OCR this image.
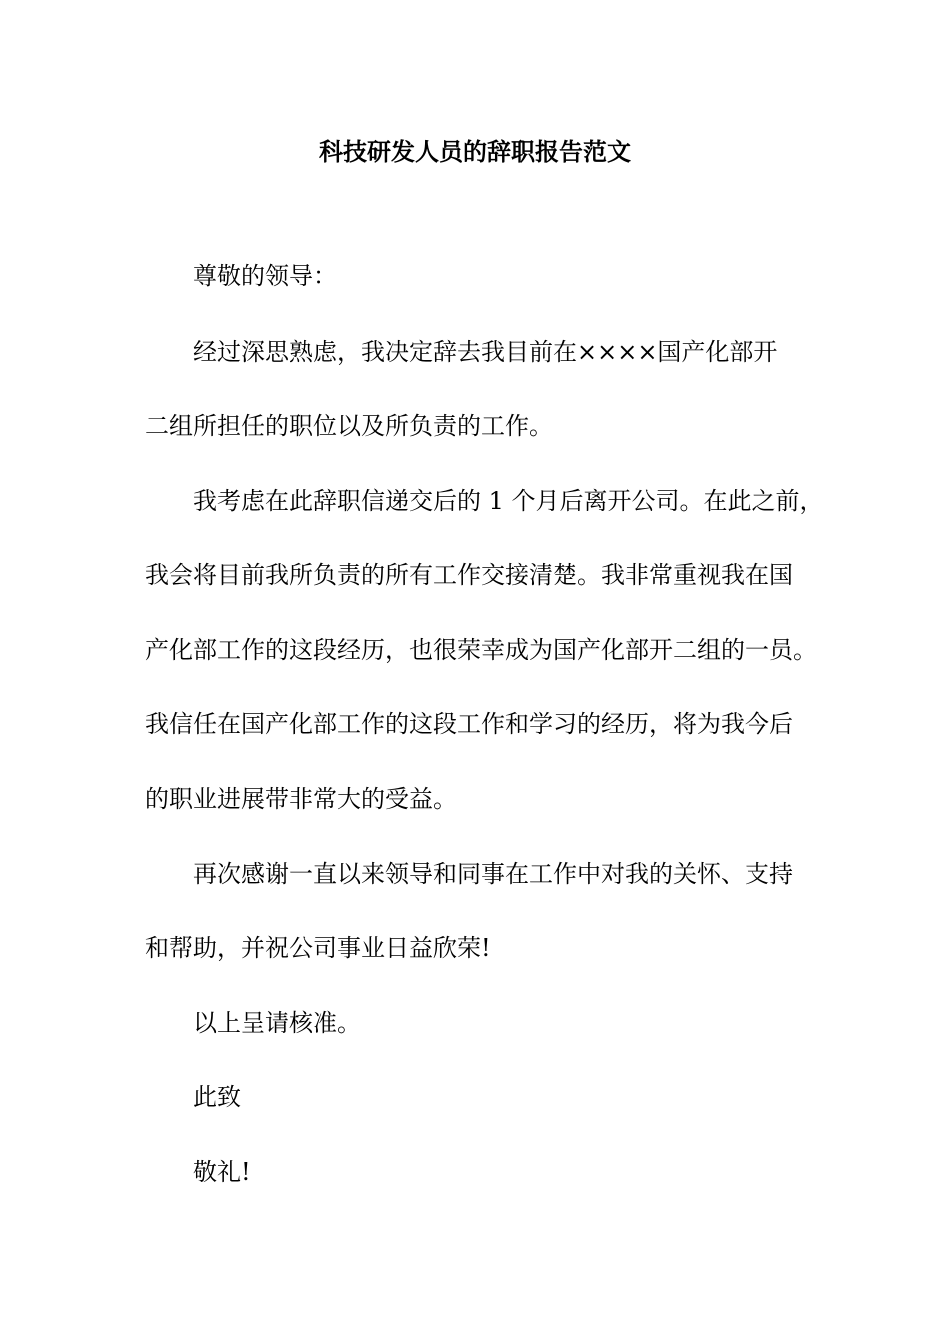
科技研发人员的辞职报告范文
尊敬的领导：
经过深思熟虑，我决定辞去我目前在××××国产化部开
二组所担任的职位以及所负责的工作。
我考虑在此辞职信递交后的 1 个月后离开公司。在此之前，
我会将目前我所负责的所有工作交接清楚。我非常重视我在国
产化部工作的这段经历，也很荣幸成为国产化部开二组的一员。
我信任在国产化部工作的这段工作和学习的经历，将为我今后
的职业进展带非常大的受益。
再次感谢一直以来领导和同事在工作中对我的关怀、支持
和帮助，并祝公司事业日益欣荣!
以上呈请核准。
此致
敬礼!
